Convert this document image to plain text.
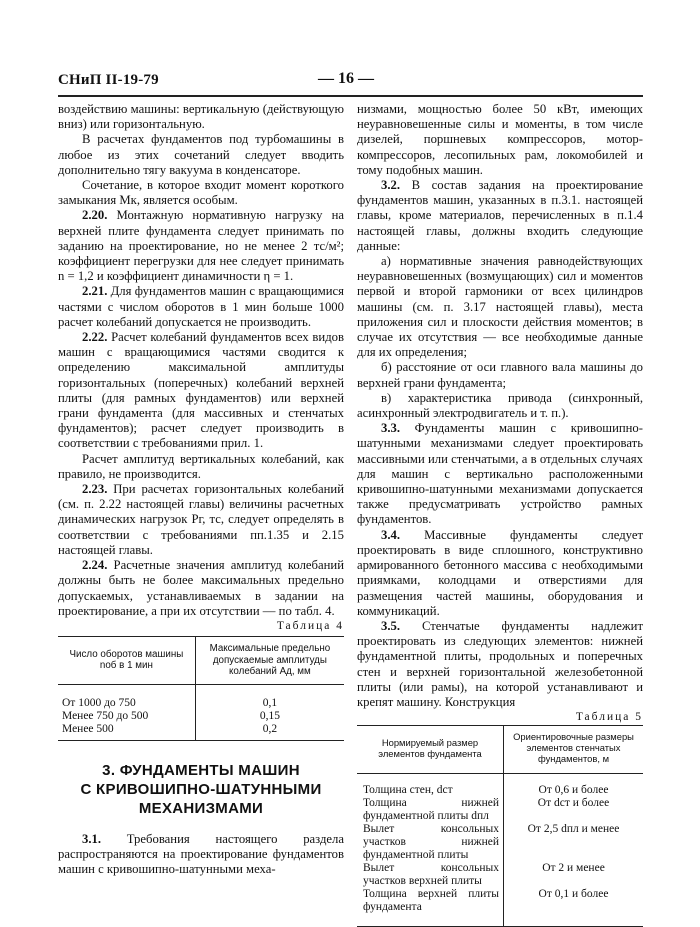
СНиП II-19-79	— 16 —

воздействию машины: вертикальную (действующую вниз) или горизонтальную.

В расчетах фундаментов под турбомашины в любое из этих сочетаний следует вводить дополнительно тягу вакуума в конденсаторе.

Сочетание, в которое входит момент короткого замыкания Mк, является особым.

2.20. Монтажную нормативную нагрузку на верхней плите фундамента следует принимать по заданию на проектирование, но не менее 2 тс/м²; коэффициент перегрузки для нее следует принимать n = 1,2 и коэффициент динамичности η = 1.

2.21. Для фундаментов машин с вращающимися частями с числом оборотов в 1 мин больше 1000 расчет колебаний допускается не производить.

2.22. Расчет колебаний фундаментов всех видов машин с вращающимися частями сводится к определению максимальной амплитуды горизонтальных (поперечных) колебаний верхней плиты (для рамных фундаментов) или верхней грани фундамента (для массивных и стенчатых фундаментов); расчет следует производить в соответствии с требованиями прил. 1.

Расчет амплитуд вертикальных колебаний, как правило, не производится.

2.23. При расчетах горизонтальных колебаний (см. п. 2.22 настоящей главы) величины расчетных динамических нагрузок Pг, тс, следует определять в соответствии с требованиями пп.1.35 и 2.15 настоящей главы.

2.24. Расчетные значения амплитуд колебаний должны быть не более максимальных предельно допускаемых, устанавливаемых в задании на проектирование, а при их отсутствии — по табл. 4.

Таблица 4

Число оборотов машины nоб в 1 мин	Максимальные предельно допускаемые амплитуды колебаний Ад, мм
От 1000 до 750	0,1
Менее 750 до 500	0,15
Менее 500	0,2
3. ФУНДАМЕНТЫ МАШИН
С КРИВОШИПНО-ШАТУННЫМИ
МЕХАНИЗМАМИ

3.1. Требования настоящего раздела распространяются на проектирование фундаментов машин с кривошипно-шатунными меха-

низмами, мощностью более 50 кВт, имеющих неуравновешенные силы и моменты, в том числе дизелей, поршневых компрессоров, мотор-компрессоров, лесопильных рам, локомобилей и тому подобных машин.

3.2. В состав задания на проектирование фундаментов машин, указанных в п.3.1. настоящей главы, кроме материалов, перечисленных в п.1.4 настоящей главы, должны входить следующие данные:

а) нормативные значения равнодействующих неуравновешенных (возмущающих) сил и моментов первой и второй гармоники от всех цилиндров машины (см. п. 3.17 настоящей главы), места приложения сил и плоскости действия моментов; в случае их отсутствия — все необходимые данные для их определения;

б) расстояние от оси главного вала машины до верхней грани фундамента;

в) характеристика привода (синхронный, асинхронный электродвигатель и т. п.).

3.3. Фундаменты машин с кривошипно-шатунными механизмами следует проектировать массивными или стенчатыми, а в отдельных случаях для машин с вертикально расположенными кривошипно-шатунными механизмами допускается также предусматривать устройство рамных фундаментов.

3.4. Массивные фундаменты следует проектировать в виде сплошного, конструктивно армированного бетонного массива с необходимыми приямками, колодцами и отверстиями для размещения частей машины, оборудования и коммуникаций.

3.5. Стенчатые фундаменты надлежит проектировать из следующих элементов: нижней фундаментной плиты, продольных и поперечных стен и верхней горизонтальной железобетонной плиты (или рамы), на которой устанавливают и крепят машину. Конструкция

Таблица 5

Нормируемый размер элементов фундамента	Ориентировочные размеры элементов стенчатых фундаментов, м
Толщина стен, dст	От 0,6 и более
Толщина нижней фундаментной плиты dпл	От dст и более
Вылет консольных участков нижней фундаментной плиты	От 2,5 dпл и менее
Вылет консольных участков верхней плиты	От 2 и менее
Толщина верхней плиты фундамента	От 0,1 и более
